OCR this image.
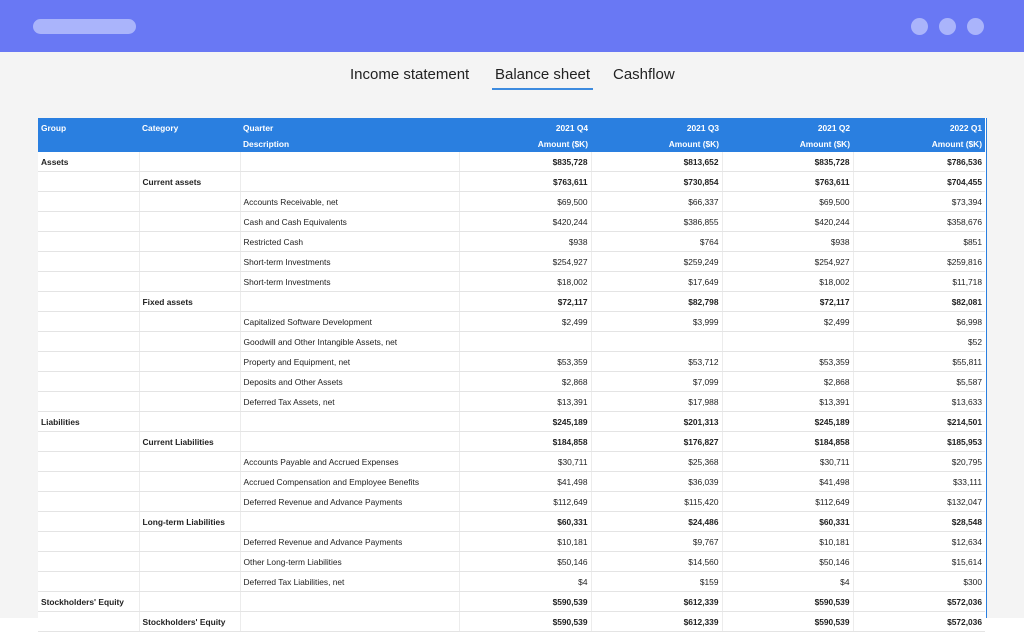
Income statement Balance sheet Cashflow
Group	Category	Quarter	2021 Q4	2021 Q3	2021 Q2	2022 Q1
		Description	Amount ($K)	Amount ($K)	Amount ($K)	Amount ($K)
Assets			$835,728	$813,652	$835,728	$786,536
	Current assets		$763,611	$730,854	$763,611	$704,455
		Accounts Receivable, net	$69,500	$66,337	$69,500	$73,394
		Cash and Cash Equivalents	$420,244	$386,855	$420,244	$358,676
		Restricted Cash	$938	$764	$938	$851
		Short-term Investments	$254,927	$259,249	$254,927	$259,816
		Short-term Investments	$18,002	$17,649	$18,002	$11,718
	Fixed assets		$72,117	$82,798	$72,117	$82,081
		Capitalized Software Development	$2,499	$3,999	$2,499	$6,998
		Goodwill and Other Intangible Assets, net				$52
		Property and Equipment, net	$53,359	$53,712	$53,359	$55,811
		Deposits and Other Assets	$2,868	$7,099	$2,868	$5,587
		Deferred Tax Assets, net	$13,391	$17,988	$13,391	$13,633
Liabilities			$245,189	$201,313	$245,189	$214,501
	Current Liabilities		$184,858	$176,827	$184,858	$185,953
		Accounts Payable and Accrued Expenses	$30,711	$25,368	$30,711	$20,795
		Accrued Compensation and Employee Benefits	$41,498	$36,039	$41,498	$33,111
		Deferred Revenue and Advance Payments	$112,649	$115,420	$112,649	$132,047
	Long-term Liabilities		$60,331	$24,486	$60,331	$28,548
		Deferred Revenue and Advance Payments	$10,181	$9,767	$10,181	$12,634
		Other Long-term Liabilities	$50,146	$14,560	$50,146	$15,614
		Deferred Tax Liabilities, net	$4	$159	$4	$300
Stockholders' Equity			$590,539	$612,339	$590,539	$572,036
	Stockholders' Equity		$590,539	$612,339	$590,539	$572,036
